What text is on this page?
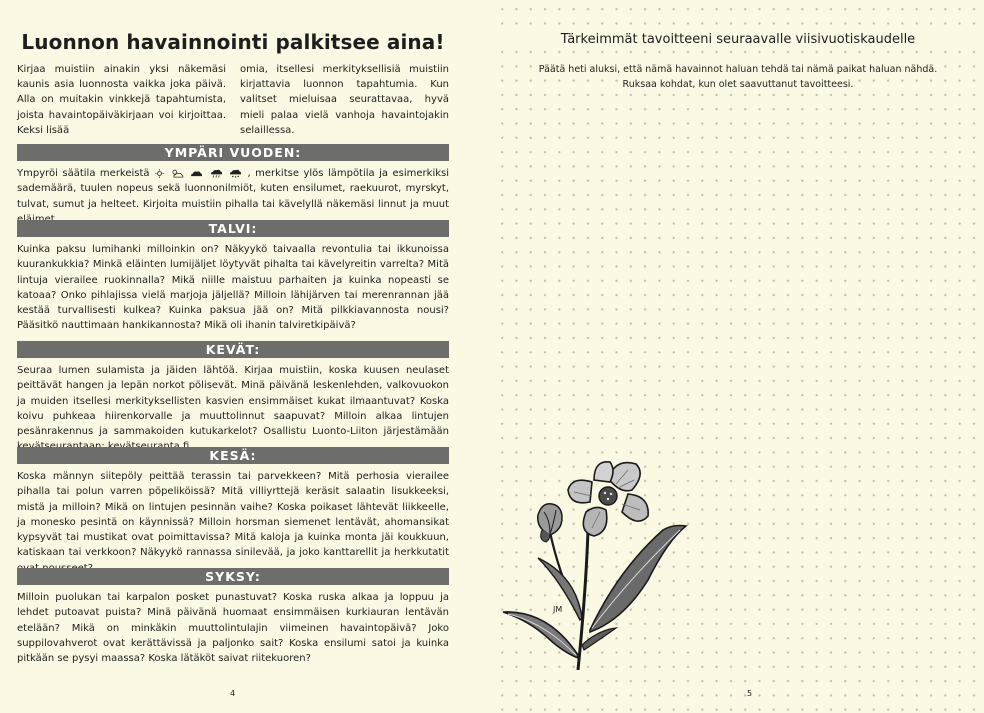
Luonnon havainnointi palkitsee aina!

Kirjaa muistiin ainakin yksi näkemäsi kaunis asia luonnosta vaikka joka päivä. Alla on muitakin vinkkejä tapahtumista, joista havaintopäiväkirjaan voi kirjoittaa. Keksi lisää

omia, itsellesi merkityksellisiä muistiin kirjattavia luonnon tapahtumia. Kun valitset mieluisaa seurattavaa, hyvä mieli palaa vielä vanhoja havaintojakin selaillessa.

YMPÄRI VUODEN:
Ympyröi säätila merkeistä	, merkitse ylös lämpötila ja esimerkiksi sademäärä, tuulen nopeus sekä luonnonilmiöt, kuten ensilumet, raekuurot, myrskyt, tulvat, sumut ja helteet. Kirjoita muistiin pihalla tai kävelyllä näkemäsi linnut ja muut
TALVI:
Kuinka paksu lumihanki milloinkin on? Näkyykö taivaalla revontulia tai ikkunoissa kuurankukkia? Minkä eläinten lumijäljet löytyvät pihalta tai kävelyreitin varrelta? Mitä lintuja vierailee ruokinnalla? Mikä niille maistuu parhaiten ja kuinka nopeasti se katoaa? Onko pihlajissa vielä marjoja jäljellä? Milloin lähijärven tai merenrannan jää kestää turvallisesti kulkea? Kuinka paksua jää on? Mitä pilkkiavannosta nousi? Pääsitkö nauttimaan hankikannosta? Mikä oli ihanin talviretkipäivä?
KEVÄT:
Seuraa lumen sulamista ja jäiden lähtöä. Kirjaa muistiin, koska kuusen neulaset peittävät hangen ja lepän norkot pölisevät. Minä päivänä leskenlehden, valkovuokon ja muiden itsellesi merkityksellisten kasvien ensimmäiset kukat ilmaantuvat? Koska koivu puhkeaa hiirenkorvalle ja muuttolinnut saapuvat? Milloin alkaa lintujen pesänrakennus ja sammakoiden kutukarkelot? Osallistu Luonto-Liiton järjestämään
KESÄ:
Koska männyn siitepöly peittää terassin tai parvekkeen? Mitä perhosia vierailee pihalla tai polun varren pöpeliköissä? Mitä villiyrttejä keräsit salaatin lisukkeeksi, mistä ja milloin? Mikä on lintujen pesinnän vaihe? Koska poikaset lähtevät liikkeelle, ja monesko pesintä on käynnissä? Milloin horsman siemenet lentävät, ahomansikat kypsyvät tai mustikat ovat poimittavissa? Mitä kaloja ja kuinka monta jäi koukkuun, katiskaan tai verkkoon? Näkyykö rannassa sinilevää, ja joko kanttarellit ja herkkutatit
SYKSY:
Milloin puolukan tai karpalon posket punastuvat? Koska ruska alkaa ja loppuu ja lehdet putoavat puista? Minä päivänä huomaat ensimmäisen kurkiauran lentävän etelään? Mikä on minkäkin muuttolintulajin viimeinen havaintopäivä? Joko suppilovahverot ovat kerättävissä ja paljonko sait? Koska ensilumi satoi ja kuinka pitkään se pysyi maassa? Koska lätäköt saivat riitekuoren?
4
Tärkeimmät tavoitteeni seuraavalle viisivuotiskaudelle
Päätä heti aluksi, että nämä havainnot haluan tehdä tai nämä paikat haluan nähdä.
Ruksaa kohdat, kun olet saavuttanut tavoitteesi.
5
JM
